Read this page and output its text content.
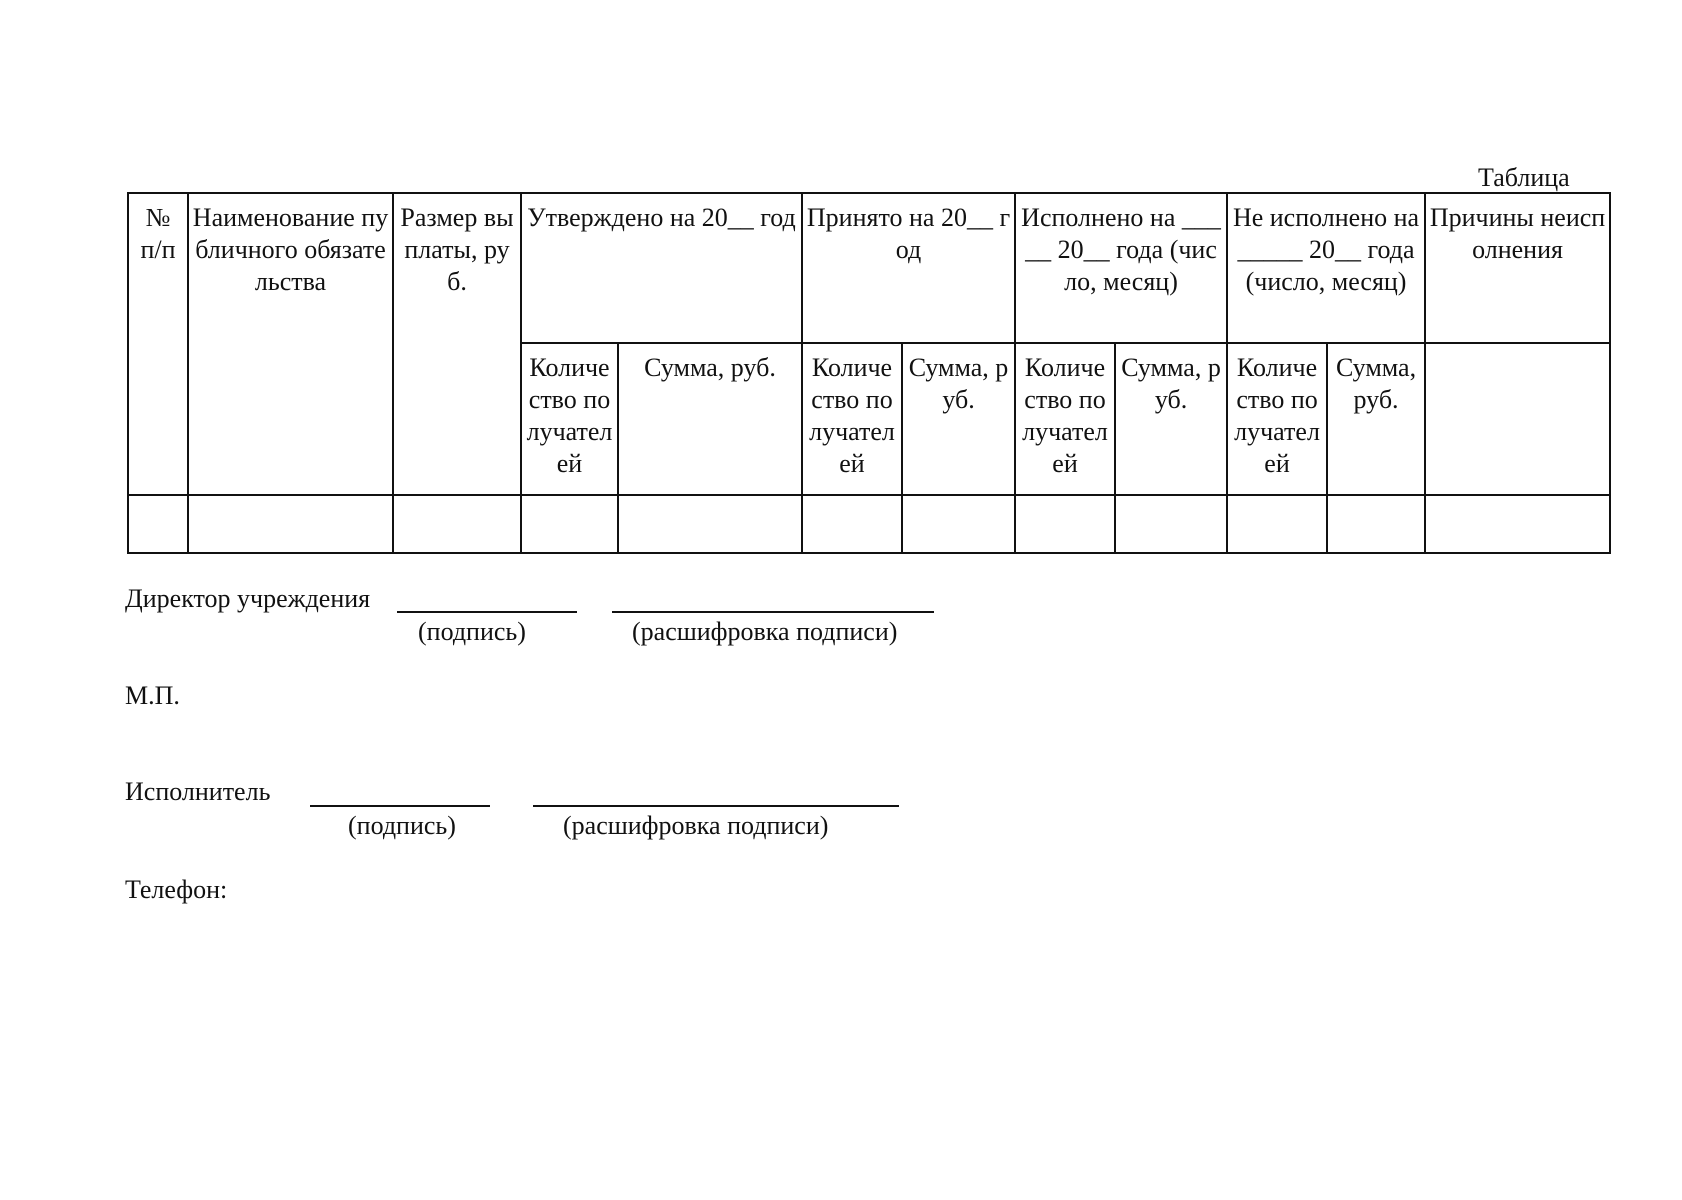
Таблица
№ п/п	Наименование публичного обязательства	Размер выплаты, руб.	Утверждено на 20__ год		Принято на 20__ год		Исполнено на _____ 20__ года (число, месяц)		Не исполнено на _____ 20__ года (число, месяц)		Причины неисполнения
			Количество получателей	Сумма, руб.	Количество получателей	Сумма, руб.	Количество получателей	Сумма, руб.	Количество получателей	Сумма, руб.	

Директор учреждения
(подпись)	(расшифровка подписи)
М.П.
Исполнитель
(подпись)	(расшифровка подписи)
Телефон:
